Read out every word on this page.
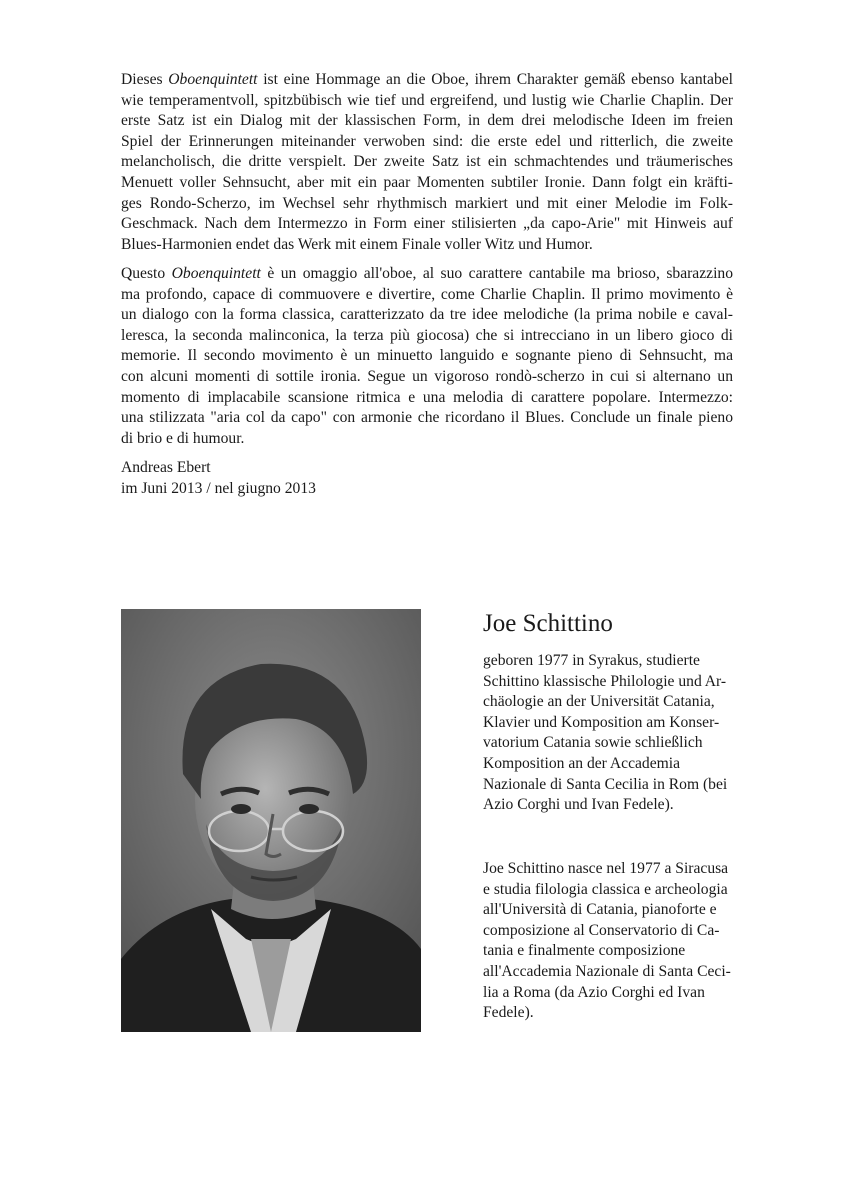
Dieses Oboenquintett ist eine Hommage an die Oboe, ihrem Charakter gemäß ebenso kantabel
wie temperamentvoll, spitzbübisch wie tief und ergreifend, und lustig wie Charlie Chaplin. Der
erste Satz ist ein Dialog mit der klassischen Form, in dem drei melodische Ideen im freien
Spiel der Erinnerungen miteinander verwoben sind: die erste edel und ritterlich, die zweite
melancholisch, die dritte verspielt. Der zweite Satz ist ein schmachtendes und träumerisches
Menuett voller Sehnsucht, aber mit ein paar Momenten subtiler Ironie. Dann folgt ein kräfti-
ges Rondo-Scherzo, im Wechsel sehr rhythmisch markiert und mit einer Melodie im Folk-
Geschmack. Nach dem Intermezzo in Form einer stilisierten „da capo-Arie" mit Hinweis auf
Blues-Harmonien endet das Werk mit einem Finale voller Witz und Humor.
Questo Oboenquintett è un omaggio all'oboe, al suo carattere cantabile ma brioso, sbarazzino
ma profondo, capace di commuovere e divertire, come Charlie Chaplin. Il primo movimento è
un dialogo con la forma classica, caratterizzato da tre idee melodiche (la prima nobile e caval-
leresca, la seconda malinconica, la terza più giocosa) che si intrecciano in un libero gioco di
memorie. Il secondo movimento è un minuetto languido e sognante pieno di Sehnsucht, ma
con alcuni momenti di sottile ironia. Segue un vigoroso rondò-scherzo in cui si alternano un
momento di implacabile scansione ritmica e una melodia di carattere popolare. Intermezzo:
una stilizzata "aria col da capo" con armonie che ricordano il Blues. Conclude un finale pieno
di brio e di humour.
Andreas Ebert
im Juni 2013 / nel giugno 2013
Joe Schittino
geboren 1977 in Syrakus, studierte
Schittino klassische Philologie und Ar-
chäologie an der Universität Catania,
Klavier und Komposition am Konser-
vatorium Catania sowie schließlich
Komposition an der Accademia
Nazionale di Santa Cecilia in Rom (bei
Azio Corghi und Ivan Fedele).
Joe Schittino nasce nel 1977 a Siracusa
e studia filologia classica e archeologia
all'Università di Catania, pianoforte e
composizione al Conservatorio di Ca-
tania e finalmente composizione
all'Accademia Nazionale di Santa Ceci-
lia a Roma (da Azio Corghi ed Ivan
Fedele).
